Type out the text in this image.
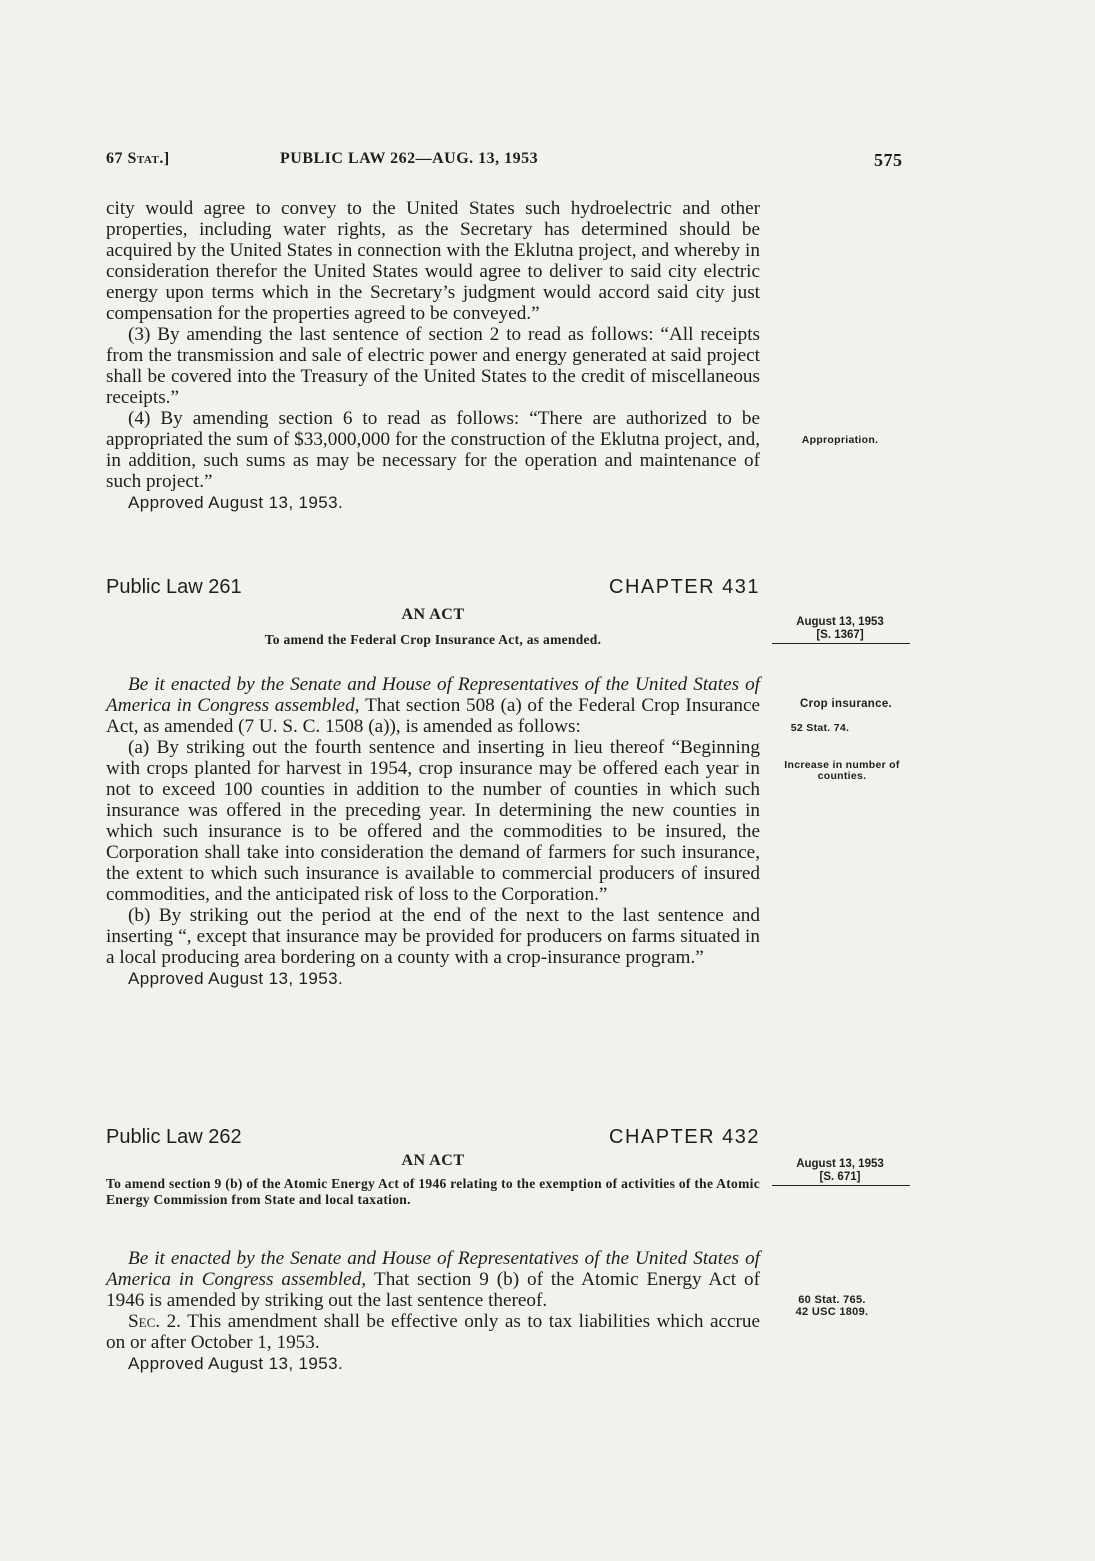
67 Stat.]	PUBLIC LAW 262—AUG. 13, 1953	575

city would agree to convey to the United States such hydroelectric and other properties, including water rights, as the Secretary has determined should be acquired by the United States in connection with the Eklutna project, and whereby in consideration therefor the United States would agree to deliver to said city electric energy upon terms which in the Secretary’s judgment would accord said city just compensation for the properties agreed to be conveyed.”

(3) By amending the last sentence of section 2 to read as follows: “All receipts from the transmission and sale of electric power and energy generated at said project shall be covered into the Treasury of the United States to the credit of miscellaneous receipts.”

(4) By amending section 6 to read as follows: “There are authorized to be appropriated the sum of $33,000,000 for the construction of the Eklutna project, and, in addition, such sums as may be necessary for the operation and maintenance of such project.”

Approved August 13, 1953.

Appropriation.
Public Law 261	CHAPTER 431
AN ACT
To amend the Federal Crop Insurance Act, as amended.
August 13, 1953
[S. 1367]

Be it enacted by the Senate and House of Representatives of the United States of America in Congress assembled, That section 508 (a) of the Federal Crop Insurance Act, as amended (7 U. S. C. 1508 (a)), is amended as follows:

(a) By striking out the fourth sentence and inserting in lieu thereof “Beginning with crops planted for harvest in 1954, crop insurance may be offered each year in not to exceed 100 counties in addition to the number of counties in which such insurance was offered in the preceding year. In determining the new counties in which such insurance is to be offered and the commodities to be insured, the Corporation shall take into consideration the demand of farmers for such insurance, the extent to which such insurance is available to commercial producers of insured commodities, and the anticipated risk of loss to the Corporation.”

(b) By striking out the period at the end of the next to the last sentence and inserting “, except that insurance may be provided for producers on farms situated in a local producing area bordering on a county with a crop-insurance program.”

Approved August 13, 1953.

Crop insurance.
52 Stat. 74.
Increase in number of counties.
Public Law 262	CHAPTER 432
AN ACT
To amend section 9 (b) of the Atomic Energy Act of 1946 relating to the exemption of activities of the Atomic Energy Commission from State and local taxation.
August 13, 1953
[S. 671]

Be it enacted by the Senate and House of Representatives of the United States of America in Congress assembled, That section 9 (b) of the Atomic Energy Act of 1946 is amended by striking out the last sentence thereof.

Sec. 2. This amendment shall be effective only as to tax liabilities which accrue on or after October 1, 1953.

Approved August 13, 1953.

60 Stat. 765.
42 USC 1809.
